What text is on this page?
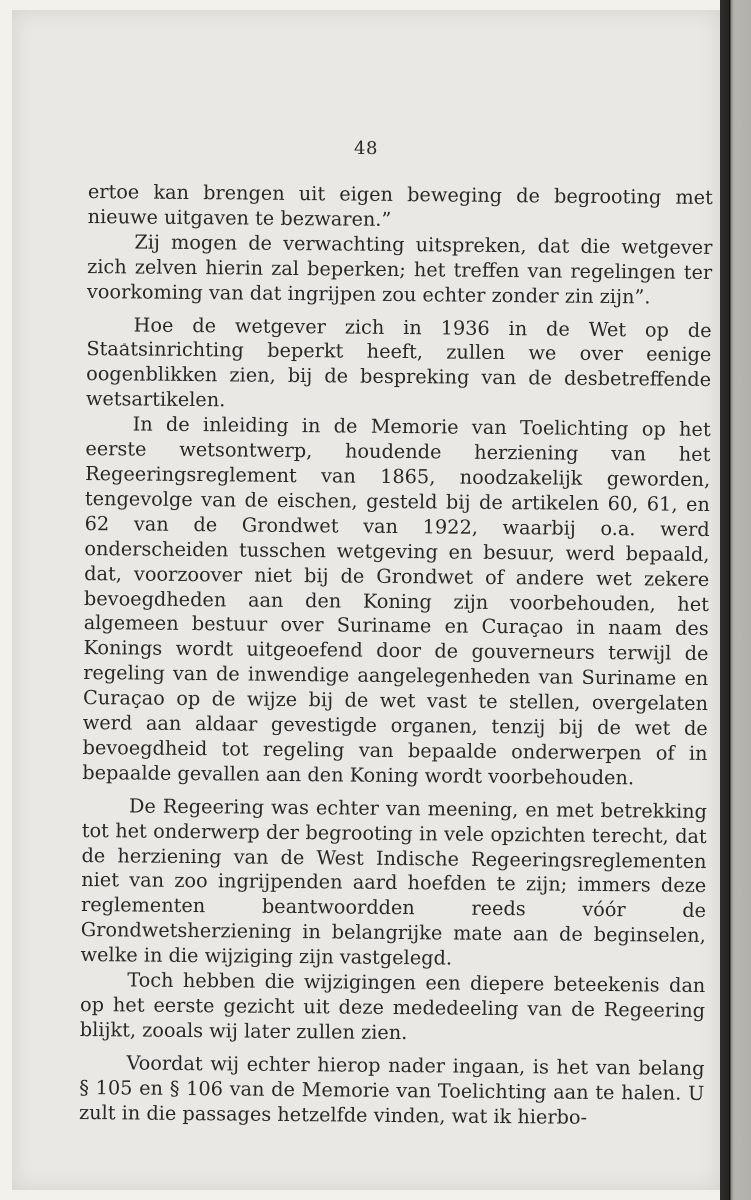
48

ertoe kan brengen uit eigen beweging de begrooting met nieuwe uitgaven te bezwaren.”

Zij mogen de verwachting uitspreken, dat die wetgever zich zelven hierin zal beperken; het treffen van regelingen ter voorkoming van dat ingrijpen zou echter zonder zin zijn”.

Hoe de wetgever zich in 1936 in de Wet op de Staatsinrichting beperkt heeft, zullen we over eenige oogenblikken zien, bij de bespreking van de desbetreffende wetsartikelen.

In de inleiding in de Memorie van Toelichting op het eerste wetsontwerp, houdende herziening van het Regeeringsreglement van 1865, noodzakelijk geworden, tengevolge van de eischen, gesteld bij de artikelen 60, 61, en 62 van de Grondwet van 1922, waarbij o.a. werd onderscheiden tusschen wetgeving en besuur, werd bepaald, dat, voorzoover niet bij de Grondwet of andere wet zekere bevoegdheden aan den Koning zijn voorbehouden, het algemeen bestuur over Suriname en Curaçao in naam des Konings wordt uitgeoefend door de gouverneurs terwijl de regeling van de inwendige aangelegenheden van Suriname en Curaçao op de wijze bij de wet vast te stellen, overgelaten werd aan aldaar gevestigde organen, tenzij bij de wet de bevoegdheid tot regeling van bepaalde onderwerpen of in bepaalde gevallen aan den Koning wordt voorbehouden.

De Regeering was echter van meening, en met betrekking tot het onderwerp der begrooting in vele opzichten terecht, dat de herziening van de West Indische Regeeringsreglementen niet van zoo ingrijpenden aard hoefden te zijn; immers deze reglementen beantwoordden reeds vóór de Grondwetsherziening in belangrijke mate aan de beginselen, welke in die wijziging zijn vastgelegd.

Toch hebben die wijzigingen een diepere beteekenis dan op het eerste gezicht uit deze mededeeling van de Regeering blijkt, zooals wij later zullen zien.

Voordat wij echter hierop nader ingaan, is het van belang § 105 en § 106 van de Memorie van Toelichting aan te halen. U zult in die passages hetzelfde vinden, wat ik hierbo-
